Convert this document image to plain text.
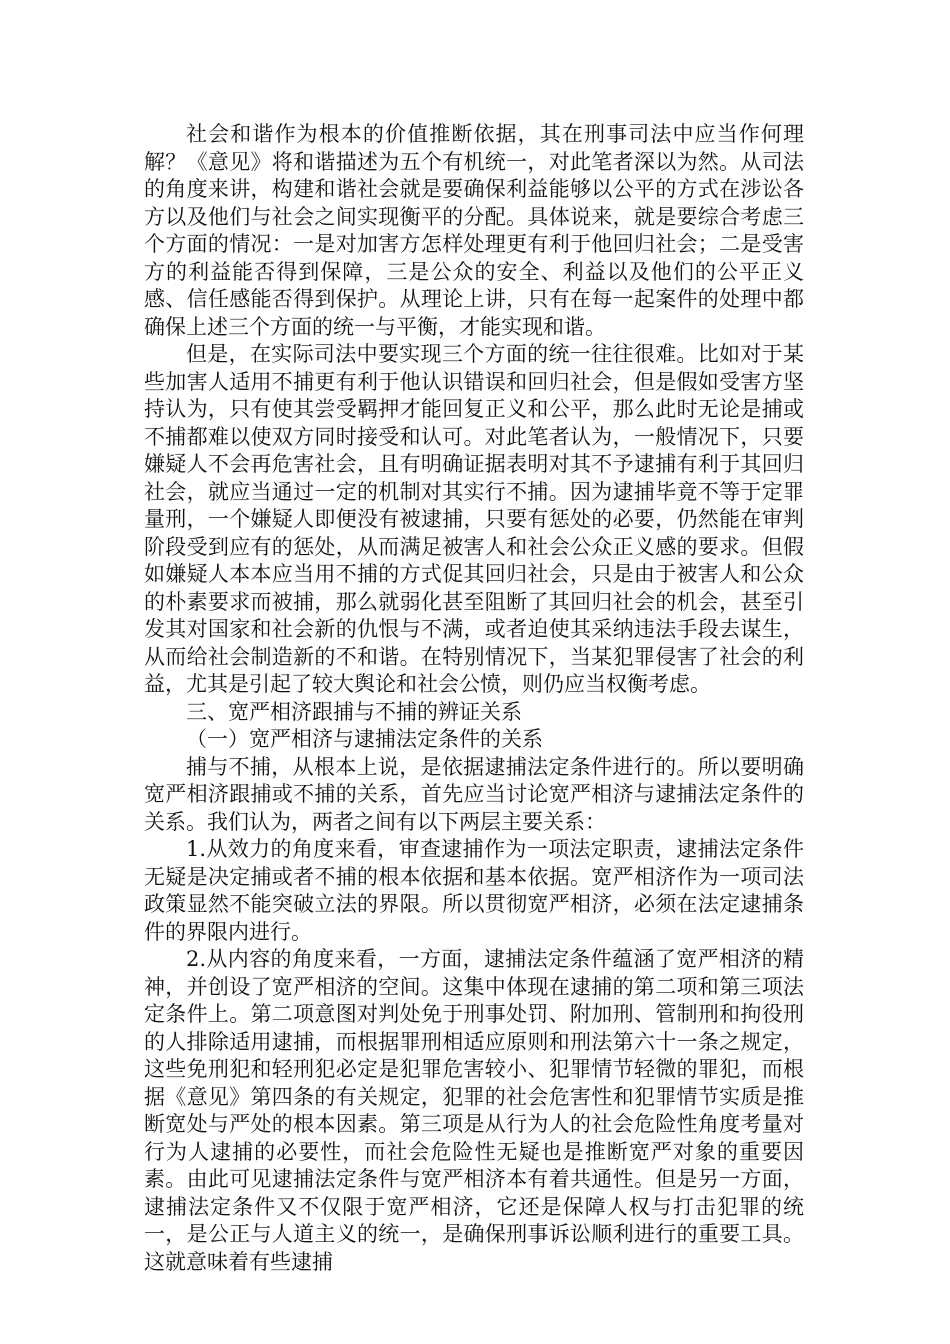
社会和谐作为根本的价值推断依据，其在刑事司法中应当作何理解？《意见》将和谐描述为五个有机统一，对此笔者深以为然。从司法的角度来讲，构建和谐社会就是要确保利益能够以公平的方式在涉讼各方以及他们与社会之间实现衡平的分配。具体说来，就是要综合考虑三个方面的情况：一是对加害方怎样处理更有利于他回归社会；二是受害方的利益能否得到保障，三是公众的安全、利益以及他们的公平正义感、信任感能否得到保护。从理论上讲，只有在每一起案件的处理中都确保上述三个方面的统一与平衡，才能实现和谐。

但是，在实际司法中要实现三个方面的统一往往很难。比如对于某些加害人适用不捕更有利于他认识错误和回归社会，但是假如受害方坚持认为，只有使其尝受羁押才能回复正义和公平，那么此时无论是捕或不捕都难以使双方同时接受和认可。对此笔者认为，一般情况下，只要嫌疑人不会再危害社会，且有明确证据表明对其不予逮捕有利于其回归社会，就应当通过一定的机制对其实行不捕。因为逮捕毕竟不等于定罪量刑，一个嫌疑人即便没有被逮捕，只要有惩处的必要，仍然能在审判阶段受到应有的惩处，从而满足被害人和社会公众正义感的要求。但假如嫌疑人本本应当用不捕的方式促其回归社会，只是由于被害人和公众的朴素要求而被捕，那么就弱化甚至阻断了其回归社会的机会，甚至引发其对国家和社会新的仇恨与不满，或者迫使其采纳违法手段去谋生，从而给社会制造新的不和谐。在特别情况下，当某犯罪侵害了社会的利益，尤其是引起了较大舆论和社会公愤，则仍应当权衡考虑。

三、宽严相济跟捕与不捕的辨证关系

（一）宽严相济与逮捕法定条件的关系

捕与不捕，从根本上说，是依据逮捕法定条件进行的。所以要明确宽严相济跟捕或不捕的关系，首先应当讨论宽严相济与逮捕法定条件的关系。我们认为，两者之间有以下两层主要关系：

1.从效力的角度来看，审查逮捕作为一项法定职责，逮捕法定条件无疑是决定捕或者不捕的根本依据和基本依据。宽严相济作为一项司法政策显然不能突破立法的界限。所以贯彻宽严相济，必须在法定逮捕条件的界限内进行。

2.从内容的角度来看，一方面，逮捕法定条件蕴涵了宽严相济的精神，并创设了宽严相济的空间。这集中体现在逮捕的第二项和第三项法定条件上。第二项意图对判处免于刑事处罚、附加刑、管制刑和拘役刑的人排除适用逮捕，而根据罪刑相适应原则和刑法第六十一条之规定，这些免刑犯和轻刑犯必定是犯罪危害较小、犯罪情节轻微的罪犯，而根据《意见》第四条的有关规定，犯罪的社会危害性和犯罪情节实质是推断宽处与严处的根本因素。第三项是从行为人的社会危险性角度考量对行为人逮捕的必要性，而社会危险性无疑也是推断宽严对象的重要因素。由此可见逮捕法定条件与宽严相济本有着共通性。但是另一方面，逮捕法定条件又不仅限于宽严相济，它还是保障人权与打击犯罪的统一，是公正与人道主义的统一，是确保刑事诉讼顺利进行的重要工具。这就意味着有些逮捕
